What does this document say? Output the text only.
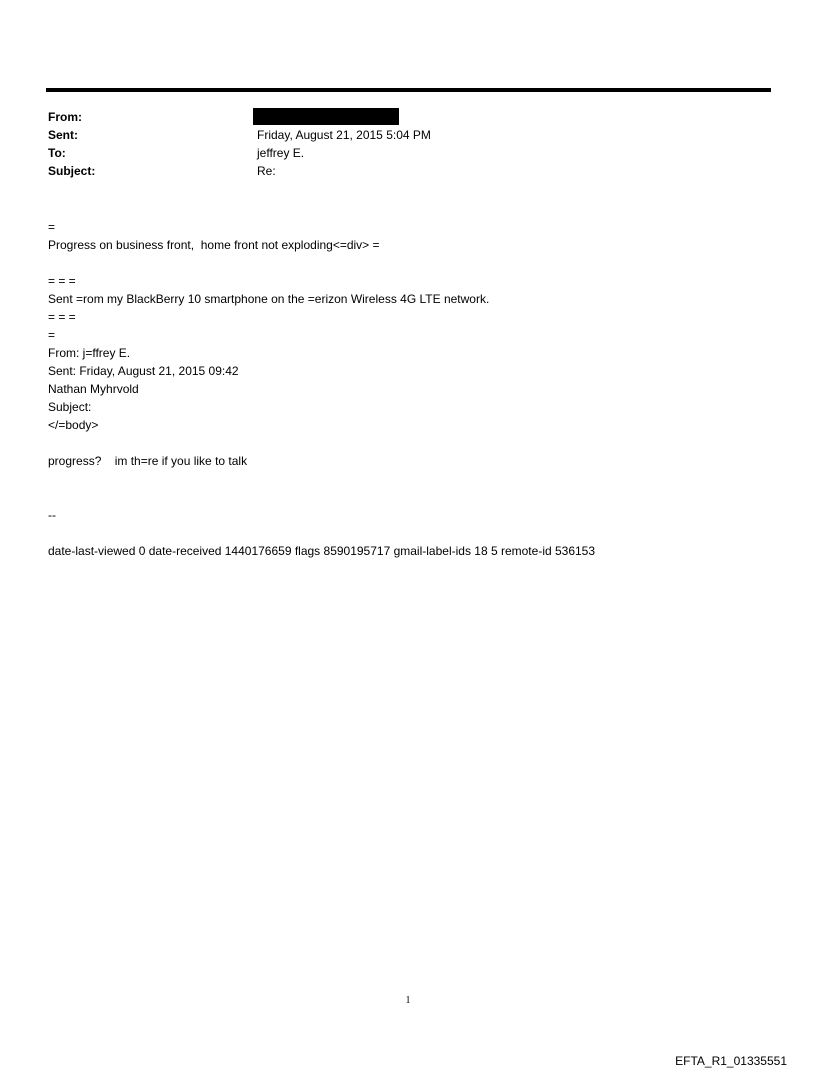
From:
Sent:	Friday, August 21, 2015 5:04 PM
To:	jeffrey E.
Subject:	Re:
=
Progress on business front,  home front not exploding<=div> =
= = =
Sent =rom my BlackBerry 10 smartphone on the =erizon Wireless 4G LTE network.
= = =
=
From: j=ffrey E.
Sent: Friday, August 21, 2015 09:42
Nathan Myhrvold
Subject:
</=body>
progress?    im th=re if you like to talk
--
date-last-viewed 0 date-received 1440176659 flags 8590195717 gmail-label-ids 18 5 remote-id 536153
1
EFTA_R1_01335551
